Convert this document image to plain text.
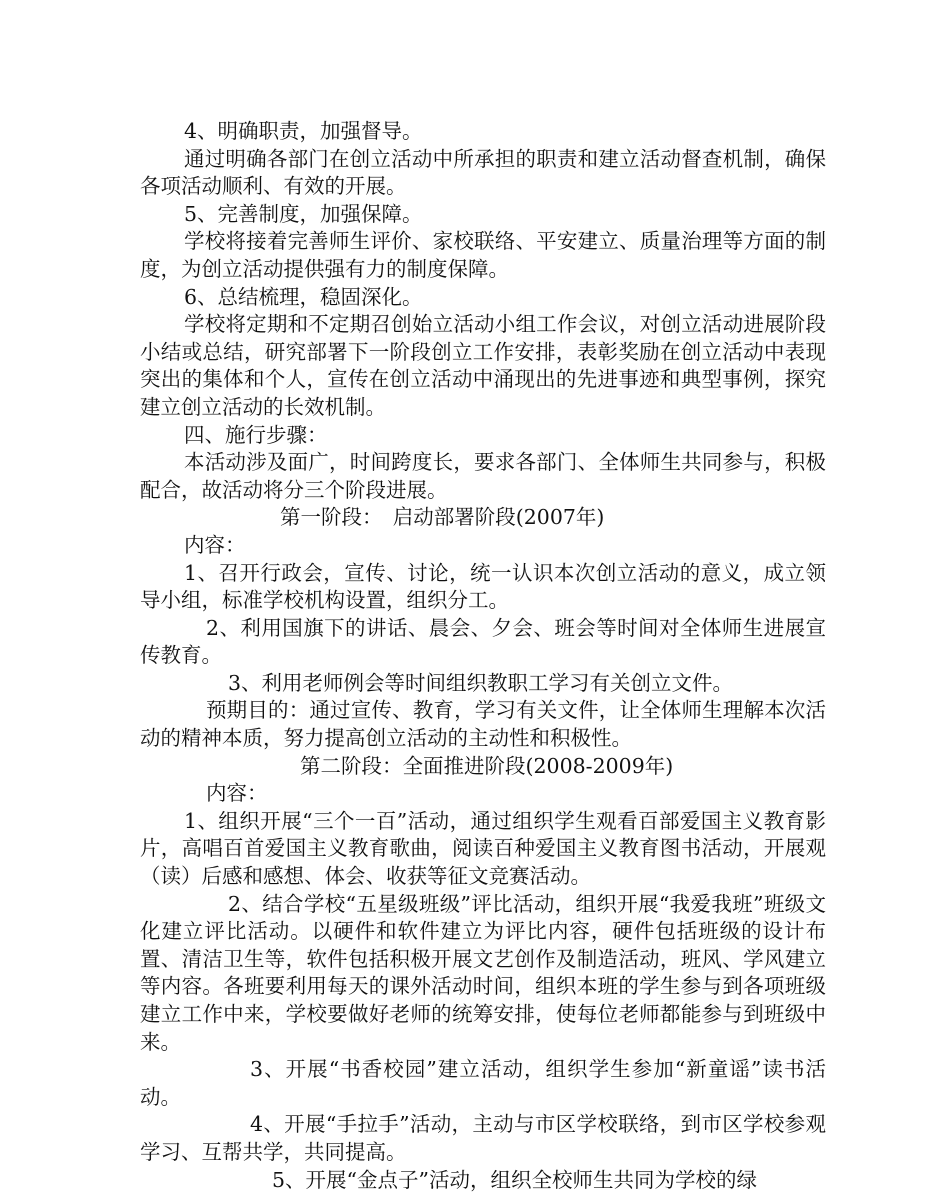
4、明确职责，加强督导。

通过明确各部门在创立活动中所承担的职责和建立活动督查机制，确保各项活动顺利、有效的开展。

5、完善制度，加强保障。

学校将接着完善师生评价、家校联络、平安建立、质量治理等方面的制度，为创立活动提供强有力的制度保障。

6、总结梳理，稳固深化。

学校将定期和不定期召创始立活动小组工作会议，对创立活动进展阶段小结或总结，研究部署下一阶段创立工作安排，表彰奖励在创立活动中表现突出的集体和个人，宣传在创立活动中涌现出的先进事迹和典型事例，探究建立创立活动的长效机制。

四、施行步骤：

本活动涉及面广，时间跨度长，要求各部门、全体师生共同参与，积极配合，故活动将分三个阶段进展。

第一阶段：　启动部署阶段(2007年)

内容：

1、召开行政会，宣传、讨论，统一认识本次创立活动的意义，成立领导小组，标准学校机构设置，组织分工。

2、利用国旗下的讲话、晨会、夕会、班会等时间对全体师生进展宣传教育。

3、利用老师例会等时间组织教职工学习有关创立文件。

预期目的：通过宣传、教育，学习有关文件，让全体师生理解本次活动的精神本质，努力提高创立活动的主动性和积极性。

第二阶段：全面推进阶段(2008-2009年)

内容：

1、组织开展“三个一百”活动，通过组织学生观看百部爱国主义教育影片，高唱百首爱国主义教育歌曲，阅读百种爱国主义教育图书活动，开展观（读）后感和感想、体会、收获等征文竞赛活动。

2、结合学校“五星级班级”评比活动，组织开展“我爱我班”班级文化建立评比活动。以硬件和软件建立为评比内容，硬件包括班级的设计布置、清洁卫生等，软件包括积极开展文艺创作及制造活动，班风、学风建立等内容。各班要利用每天的课外活动时间，组织本班的学生参与到各项班级建立工作中来，学校要做好老师的统筹安排，使每位老师都能参与到班级中来。

3、开展“书香校园”建立活动，组织学生参加“新童谣”读书活动。

4、开展“手拉手”活动，主动与市区学校联络，到市区学校参观学习、互帮共学，共同提高。

5、开展“金点子”活动，组织全校师生共同为学校的绿
